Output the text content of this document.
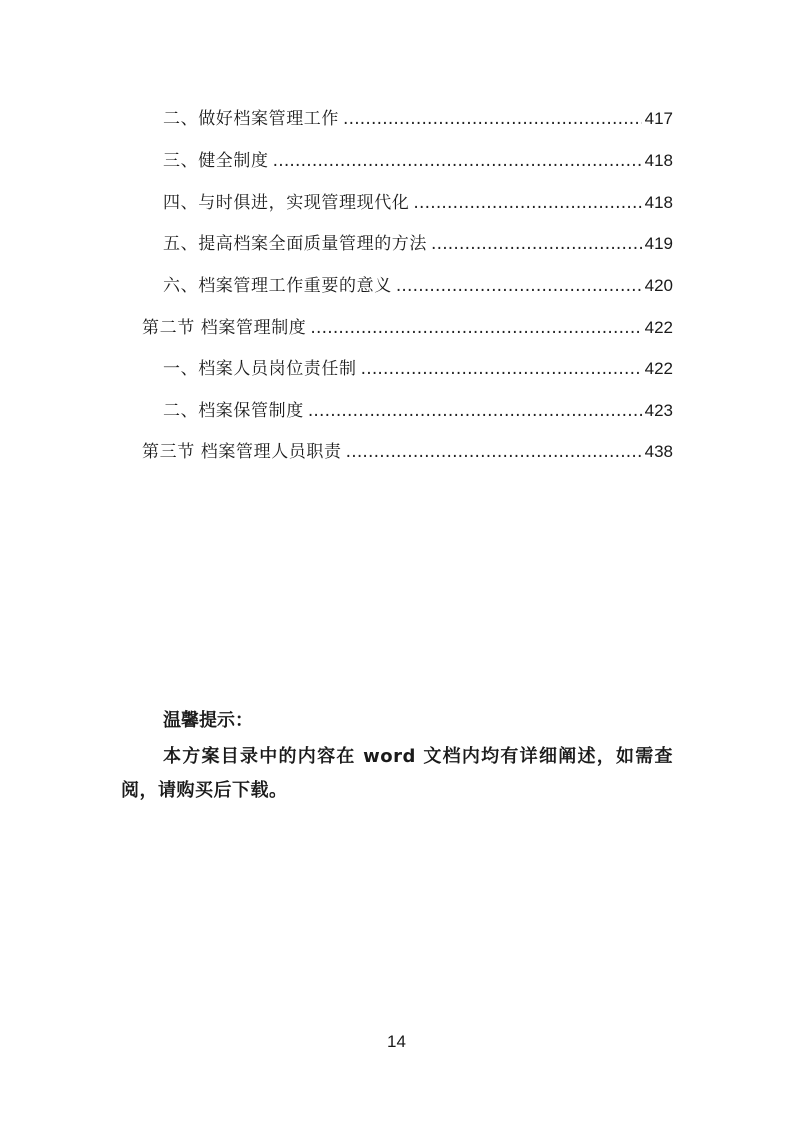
二、做好档案管理工作 .....	417
三、健全制度 .....	418
四、与时俱进，实现管理现代化 .....	418
五、提高档案全面质量管理的方法 .....	419
六、档案管理工作重要的意义 .....	420
第二节 档案管理制度 .....	422
一、档案人员岗位责任制 .....	422
二、档案保管制度 .....	423
第三节 档案管理人员职责 .....	438

温馨提示：

本方案目录中的内容在 word 文档内均有详细阐述，如需查阅，请购买后下载。

14
